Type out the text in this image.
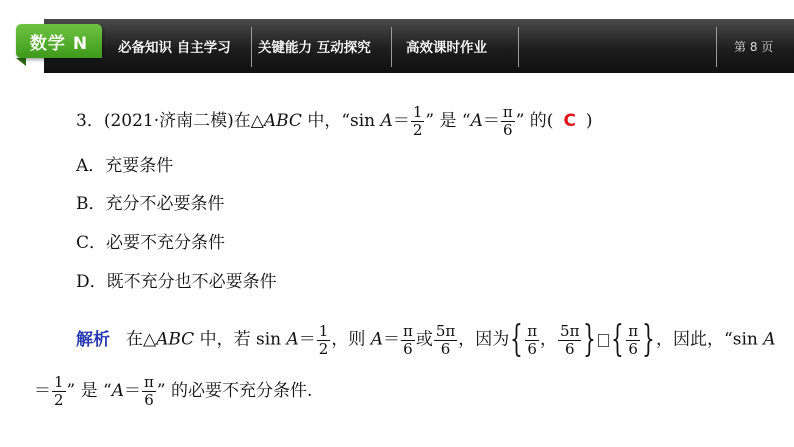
必备知识 自主学习 关键能力 互动探究	高效课时作业	第 8 页
数学 N
3．(2021·济南二模)在△ABC 中，“sin $A= \frac{1}{2}$ ” 是 “$A= \frac{\pi}{6}$ ” 的( C )
A．充要条件
B．充分不必要条件
C．必要不充分条件
D．既不充分也不必要条件
解析 在△ABC 中，若 $\sin A= \frac{1}{2}$ ，则 $A= \frac{\pi}{6}$ 或 $\frac{5\pi}{6}$ ，因为{ $\frac{\pi}{6}$ ， $\frac{5\pi}{6}$ } { $\frac{\pi}{6}$ }，因此，“sin A
＝ $\frac{1}{2}$ ” 是 “$A= \frac{\pi}{6}$ ” 的必要不充分条件.
